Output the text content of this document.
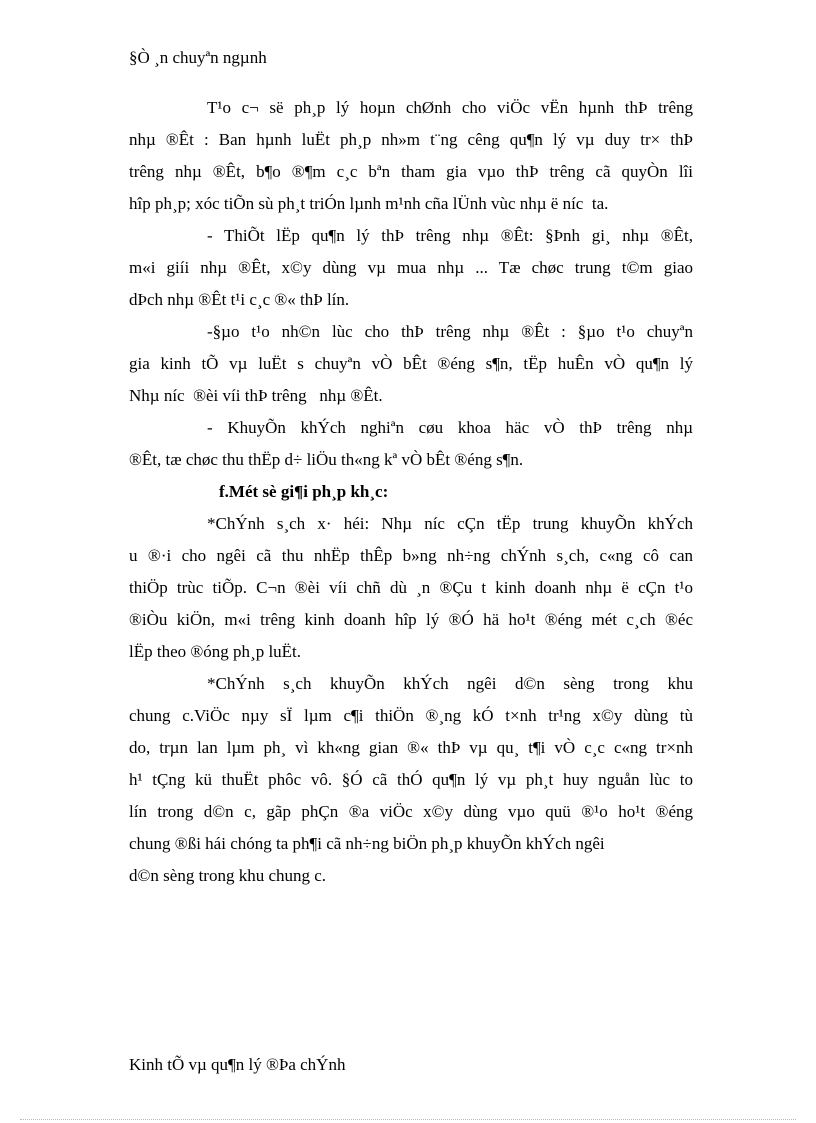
§Ò ¸n chuyªn ngµnh
T¹o c¬ së ph¸p lý hoµn chØnh cho viÖc vËn hµnh thÞ trêng
nhµ ®Êt : Ban hµnh luËt ph¸p nh»m t¨ng cêng qu¶n lý vµ duy tr× thÞ
trêng nhµ ®Êt, b¶o ®¶m c¸c bªn tham gia vµo thÞ trêng cã quyÒn lîi
hîp ph¸p; xóc tiÕn sù ph¸t triÓn lµnh m¹nh cña lÜnh vùc nhµ ë níc  ta.
- ThiÕt lËp qu¶n lý thÞ trêng nhµ ®Êt: §Þnh gi¸ nhµ ®Êt,
m«i giíi nhµ ®Êt, x©y dùng vµ mua nhµ ... Tæ chøc trung t©m giao
dÞch nhµ ®Êt t¹i c¸c ®« thÞ lín.
-§µo t¹o nh©n lùc cho thÞ trêng nhµ ®Êt : §µo t¹o chuyªn
gia kinh tÕ vµ luËt s chuyªn vÒ bÊt ®éng s¶n, tËp huÊn vÒ qu¶n lý
Nhµ níc  ®èi víi thÞ trêng   nhµ ®Êt.
- KhuyÕn khÝch nghiªn cøu khoa häc vÒ thÞ trêng nhµ
®Êt, tæ chøc thu thËp d÷ liÖu th«ng kª vÒ bÊt ®éng s¶n.
f.Mét sè gi¶i ph¸p kh¸c:
*ChÝnh s¸ch x· héi: Nhµ níc cÇn tËp trung khuyÕn khÝch
u ®·i cho ngêi cã thu nhËp thÊp b»ng nh÷ng chÝnh s¸ch, c«ng cô can
thiÖp trùc tiÕp. C¬n ®èi víi chñ dù ¸n ®Çu t kinh doanh nhµ ë cÇn t¹o
®iÒu kiÖn, m«i trêng kinh doanh hîp lý ®Ó hä ho¹t ®éng mét c¸ch ®éc
lËp theo ®óng ph¸p luËt.
*ChÝnh s¸ch khuyÕn khÝch ngêi d©n sèng trong khu
chung c.ViÖc nµy sÏ lµm c¶i thiÖn ®¸ng kÓ t×nh tr¹ng x©y dùng tù
do, trµn lan lµm ph¸ vì kh«ng gian ®« thÞ vµ qu¸ t¶i vÒ c¸c c«ng tr×nh
h¹ tÇng kü thuËt phôc vô. §Ó cã thÓ qu¶n lý vµ ph¸t huy nguån lùc to
lín trong d©n c, gãp phÇn ®a viÖc x©y dùng vµo quü ®¹o ho¹t ®éng
chung ®ßi hái chóng ta ph¶i cã nh÷ng biÖn ph¸p khuyÕn khÝch ngêi
d©n sèng trong khu chung c.
Kinh tÕ vµ qu¶n lý ®Þa chÝnh
